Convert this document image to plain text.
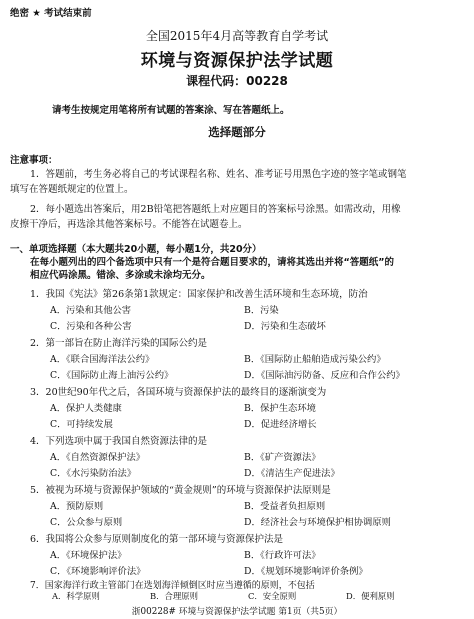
绝密 ★ 考试结束前
全国2015年4月高等教育自学考试
环境与资源保护法学试题
课程代码：00228
请考生按规定用笔将所有试题的答案涂、写在答题纸上。
选择题部分
注意事项：
1．答题前，考生务必将自己的考试课程名称、姓名、准考证号用黑色字迹的签字笔或钢笔
填写在答题纸规定的位置上。
2．每小题选出答案后，用2B铅笔把答题纸上对应题目的答案标号涂黑。如需改动，用橡
皮擦干净后，再选涂其他答案标号。不能答在试题卷上。
一、单项选择题（本大题共20小题，每小题1分，共20分）
在每小题列出的四个备选项中只有一个是符合题目要求的，请将其选出并将“答题纸”的
相应代码涂黑。错涂、多涂或未涂均无分。
1．我国《宪法》第26条第1款规定：国家保护和改善生活环境和生态环境，防治
A．污染和其他公害	B．污染
C．污染和各种公害	D．污染和生态破坏
2．第一部旨在防止海洋污染的国际公约是
A．《联合国海洋法公约》	B．《国际防止船舶造成污染公约》
C．《国际防止海上油污公约》	D．《国际油污防备、反应和合作公约》
3．20世纪90年代之后，各国环境与资源保护法的最终目的逐渐演变为
A．保护人类健康	B．保护生态环境
C．可持续发展	D．促进经济增长
4．下列选项中属于我国自然资源法律的是
A．《自然资源保护法》	B．《矿产资源法》
C．《水污染防治法》	D．《清洁生产促进法》
5．被视为环境与资源保护领域的“黄金规则”的环境与资源保护法原则是
A．预防原则	B．受益者负担原则
C．公众参与原则	D．经济社会与环境保护相协调原则
6．我国将公众参与原则制度化的第一部环境与资源保护法是
A．《环境保护法》	B．《行政许可法》
C．《环境影响评价法》	D．《规划环境影响评价条例》
7．国家海洋行政主管部门在选划海洋倾倒区时应当遵循的原则，不包括
浙00228# 环境与资源保护法学试题 第1页（共5页）
A．科学原则	B．合理原则	C．安全原则	D．便利原则
